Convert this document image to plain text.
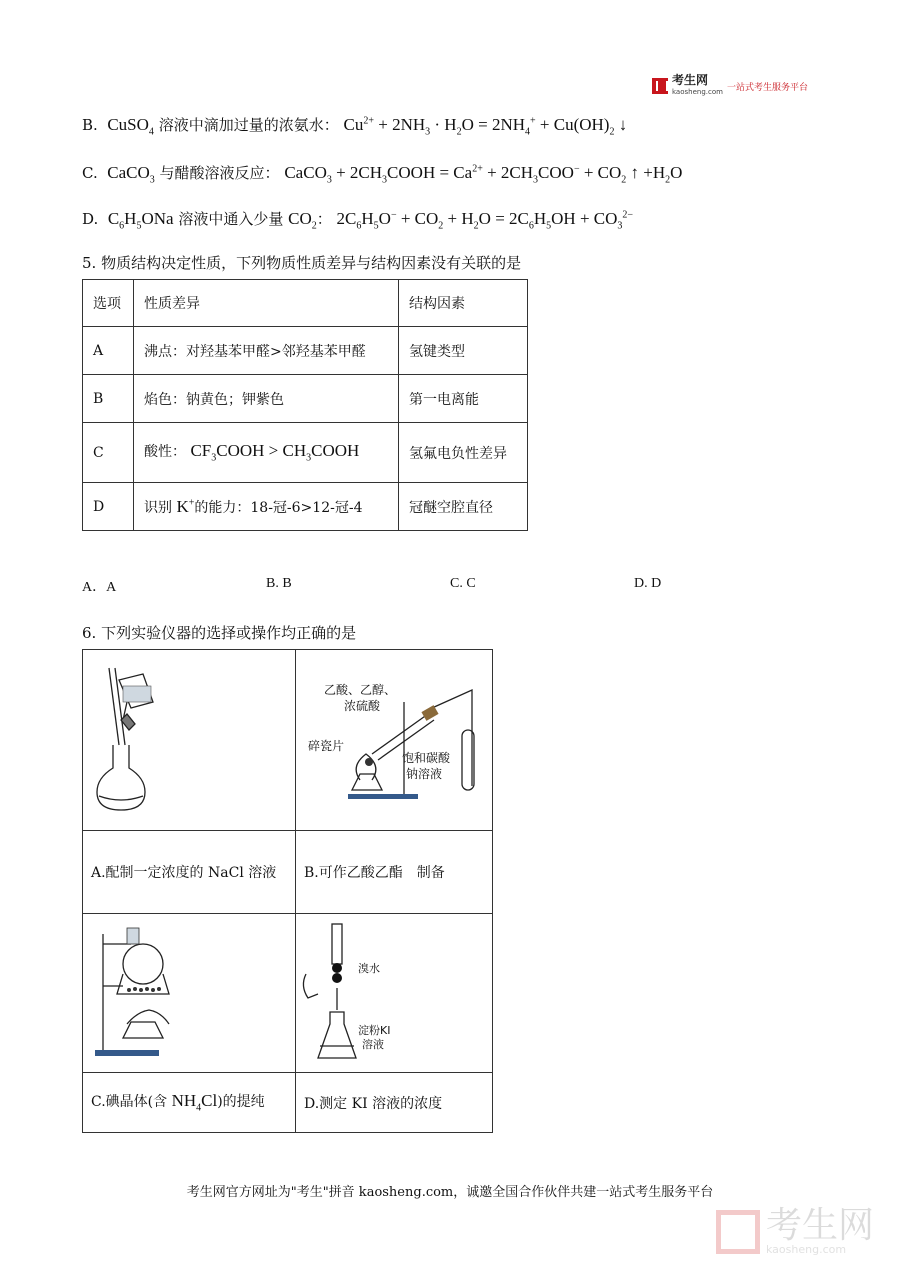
考生网
kaosheng.com 一站式考生服务平台
B. CuSO$_4$ 溶液中滴加过量的浓氨水： $Cu^{2+} + 2NH_3 \cdot H_2O = 2NH_4^+ + Cu(OH)_2$ ↓
C. CaCO$_3$ 与醋酸溶液反应： CaCO$_3$ + $2CH_3COOH = Ca^{2+} + 2CH_3COO^- + CO_2$ ↑ $+H_2O$
D. $C_6H_5ONa$ 溶液中通入少量 $CO_2$： $2C_6H_5O^- + CO_2 + H_2O = 2C_6H_5OH + CO_3^{2-}$
5. 物质结构决定性质，下列物质性质差异与结构因素没有关联的是
选项	性质差异	结构因素
A	沸点：对羟基苯甲醛>邻羟基苯甲醛	氢键类型
B	焰色：钠黄色；钾紫色	第一电离能
C	酸性： $CF_3COOH$ > $CH_3COOH$	氢氟电负性差异
D	识别 K+的能力：18-冠-6>12-冠-4	冠醚空腔直径
A．A	B. B	C. C	D. D
6. 下列实验仪器的选择或操作均正确的是

乙酸、乙醇、
浓硫酸
碎瓷片
饱和碳酸
钠溶液

A.配制一定浓度的 NaCl 溶液	B.可作乙酸乙酯　制备

溴水
淀粉KI
溶液

C.碘晶体(含 $NH_4Cl$)的提纯	D.测定 KI 溶液的浓度
考生网官方网址为"考生"拼音 kaosheng.com，诚邀全国合作伙伴共建一站式考生服务平台
考生网
kaosheng.com
